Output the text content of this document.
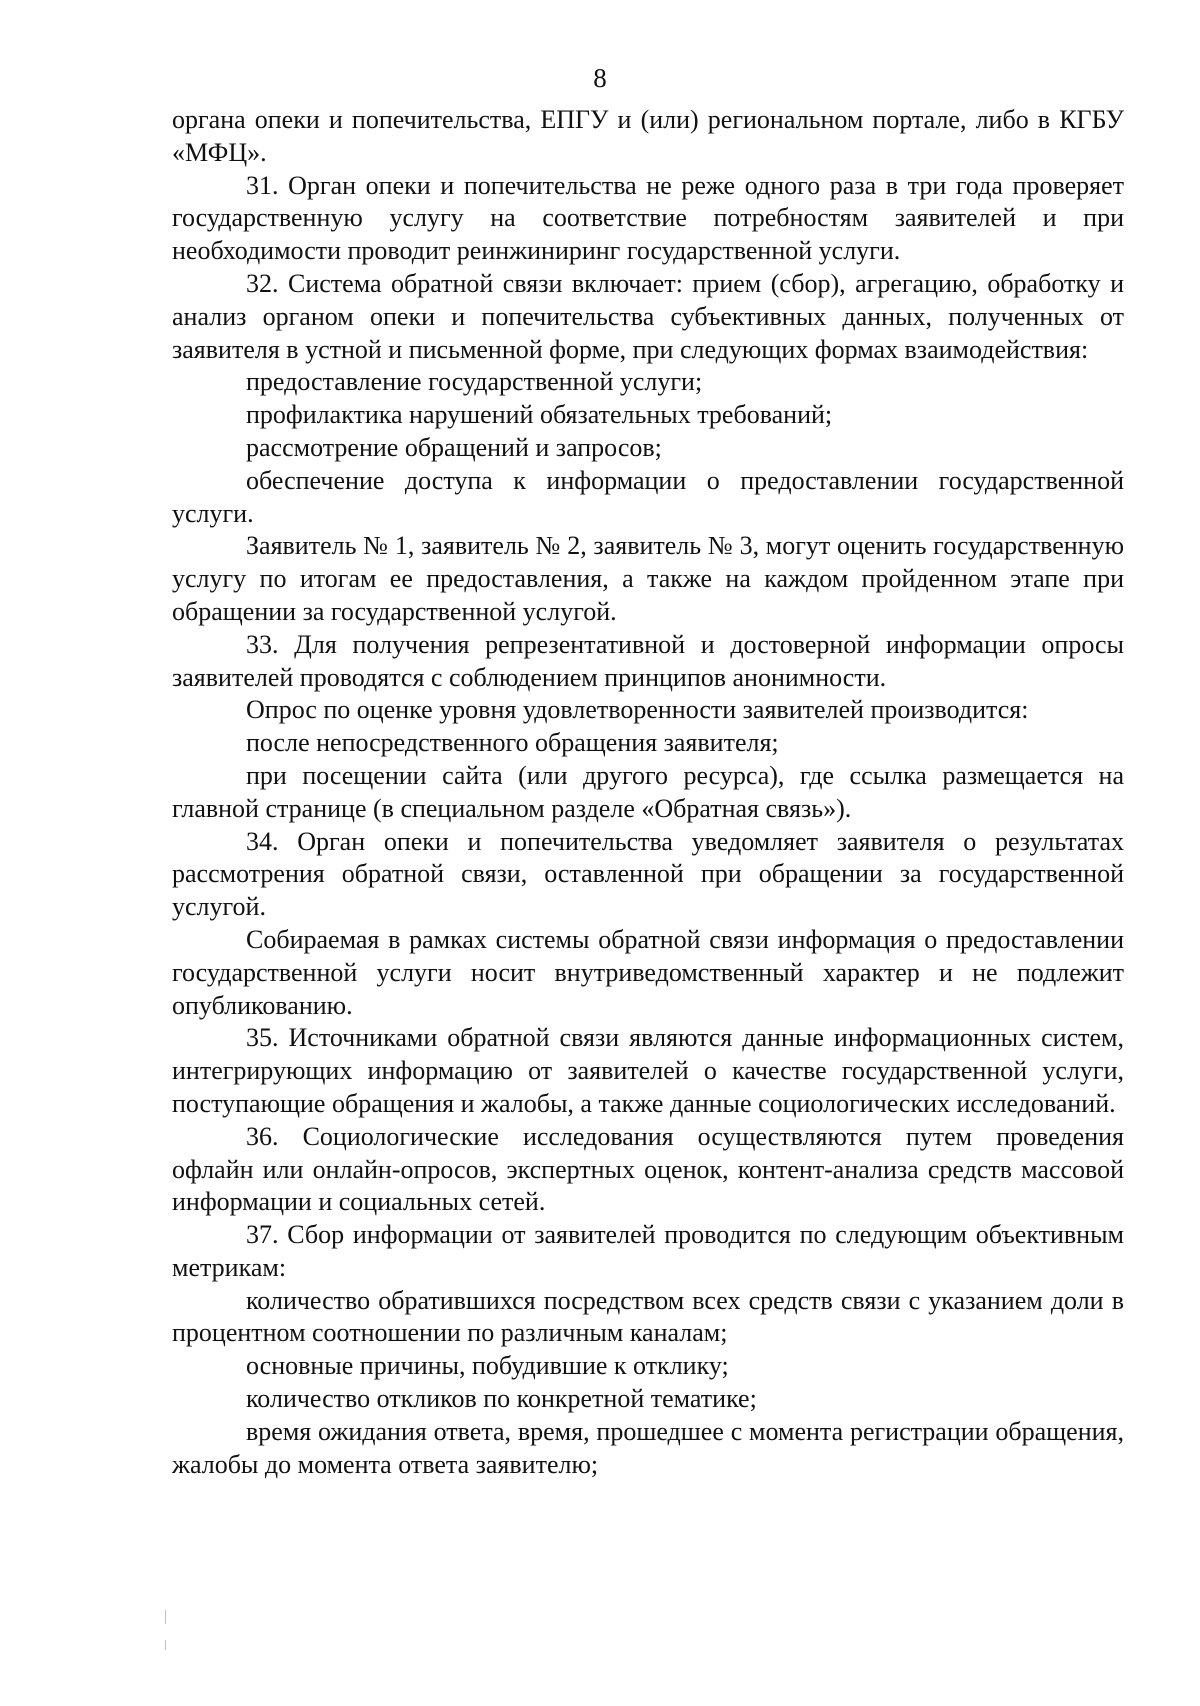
8

органа опеки и попечительства, ЕПГУ и (или) региональном портале, либо в КГБУ «МФЦ».

31. Орган опеки и попечительства не реже одного раза в три года проверяет государственную услугу на соответствие потребностям заявителей и при необходимости проводит реинжиниринг государственной услуги.

32. Система обратной связи включает: прием (сбор), агрегацию, обработку и анализ органом опеки и попечительства субъективных данных, полученных от заявителя в устной и письменной форме, при следующих формах взаимодействия:

предоставление государственной услуги;

профилактика нарушений обязательных требований;

рассмотрение обращений и запросов;

обеспечение доступа к информации о предоставлении государственной услуги.

Заявитель № 1, заявитель № 2, заявитель № 3, могут оценить государственную услугу по итогам ее предоставления, а также на каждом пройденном этапе при обращении за государственной услугой.

33. Для получения репрезентативной и достоверной информации опросы заявителей проводятся с соблюдением принципов анонимности.

Опрос по оценке уровня удовлетворенности заявителей производится:

после непосредственного обращения заявителя;

при посещении сайта (или другого ресурса), где ссылка размещается на главной странице (в специальном разделе «Обратная связь»).

34. Орган опеки и попечительства уведомляет заявителя о результатах рассмотрения обратной связи, оставленной при обращении за государственной услугой.

Собираемая в рамках системы обратной связи информация о предоставлении государственной услуги носит внутриведомственный характер и не подлежит опубликованию.

35. Источниками обратной связи являются данные информационных систем, интегрирующих информацию от заявителей о качестве государственной услуги, поступающие обращения и жалобы, а также данные социологических исследований.

36. Социологические исследования осуществляются путем проведения офлайн или онлайн-опросов, экспертных оценок, контент-анализа средств массовой информации и социальных сетей.

37. Сбор информации от заявителей проводится по следующим объективным метрикам:

количество обратившихся посредством всех средств связи с указанием доли в процентном соотношении по различным каналам;

основные причины, побудившие к отклику;

количество откликов по конкретной тематике;

время ожидания ответа, время, прошедшее с момента регистрации обращения, жалобы до момента ответа заявителю;
